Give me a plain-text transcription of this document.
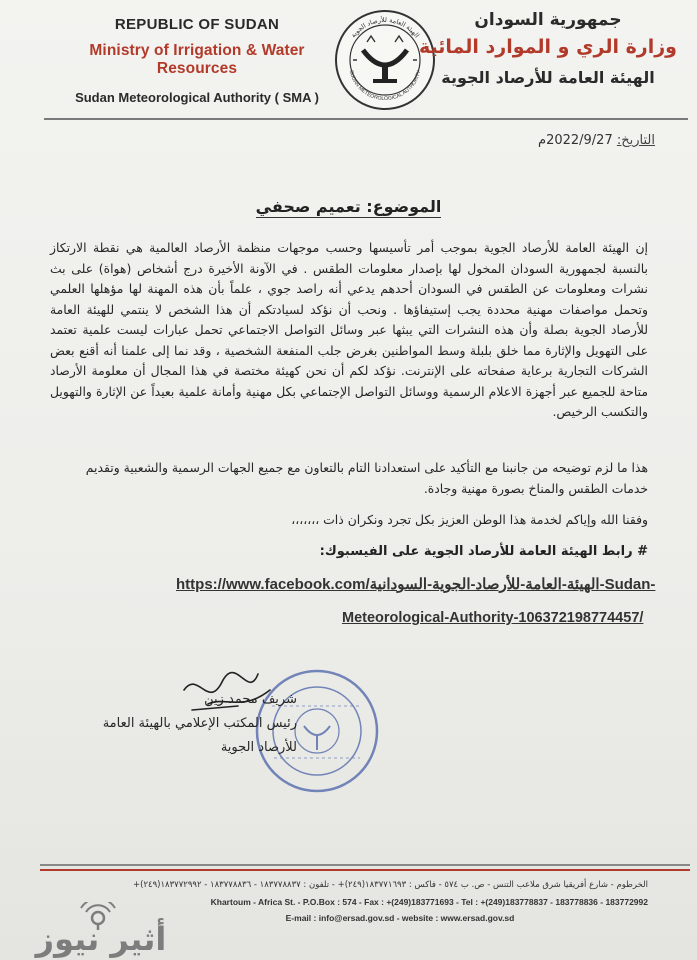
REPUBLIC OF SUDAN
Ministry of Irrigation & Water Resources
Sudan Meteorological Authority ( SMA )
الهيئة العامة للأرصاد الجوية
SUDAN METEOROLOGICAL AUTHORITY
جمهورية السودان
وزارة الري و الموارد المائية
الهيئة العامة للأرصاد الجوية
التاريخ: 2022/9/27م
الموضوع: تعميم صحفي

إن الهيئة العامة للأرصاد الجوية بموجب أمر تأسيسها وحسب موجهات منظمة الأرصاد العالمية هي نقطة الارتكاز بالنسبة لجمهورية السودان المخول لها بإصدار معلومات الطقس . في الآونة الأخيرة درج أشخاص (هواة) على بث نشرات ومعلومات عن الطقس في السودان أحدهم يدعي أنه راصد جوي ، علماً بأن هذه المهنة لها مؤهلها العلمي وتحمل مواصفات مهنية محددة يجب إستيفاؤها . ونحب أن نؤكد لسيادتكم أن هذا الشخص لا ينتمي للهيئة العامة للأرصاد الجوية بصلة وأن هذه النشرات التي يبثها عبر وسائل التواصل الاجتماعي تحمل عبارات ليست علمية تعتمد على التهويل والإثارة مما خلق بلبلة وسط المواطنين بغرض جلب المنفعة الشخصية ، وقد نما إلى علمنا أنه أقنع بعض الشركات التجارية برعاية صفحاته على الإنترنت. نؤكد لكم أن نحن كهيئة مختصة في هذا المجال أن معلومة الأرصاد متاحة للجميع عبر أجهزة الاعلام الرسمية ووسائل التواصل الإجتماعي بكل مهنية وأمانة علمية بعيداً عن الإثارة والتهويل والتكسب الرخيص.

هذا ما لزم توضيحه من جانبنا مع التأكيد على استعدادنا التام بالتعاون مع جميع الجهات الرسمية والشعبية وتقديم خدمات الطقس والمناخ بصورة مهنية وجادة.
وفقنا الله وإياكم لخدمة هذا الوطن العزيز بكل تجرد ونكران ذات ،،،،،،،
# رابط الهيئة العامة للأرصاد الجوية على الفيسبوك:
https://www.facebook.com/الهيئة-العامة-للأرصاد-الجوية-السودانية-Sudan-
Meteorological-Authority-106372198774457/
شريف محمد زين
رئيس المكتب الإعلامي بالهيئة العامة
للأرصاد الجوية
الخرطوم - شارع أفريقيا شرق ملاعب التنس - ص. ب ٥٧٤ - فاكس : ١٨٣٧٧١٦٩٣(٢٤٩)+ - تلفون : ١٨٣٧٧٨٨٣٧ - ١٨٣٧٧٨٨٣٦ - ١٨٣٧٧٢٩٩٢(٢٤٩)+
Khartoum - Africa St. - P.O.Box : 574 - Fax : +(249)183771693 - Tel : +(249)183778837 - 183778836 - 183772992
E-mail : info@ersad.gov.sd - website : www.ersad.gov.sd
أثير نيوز
